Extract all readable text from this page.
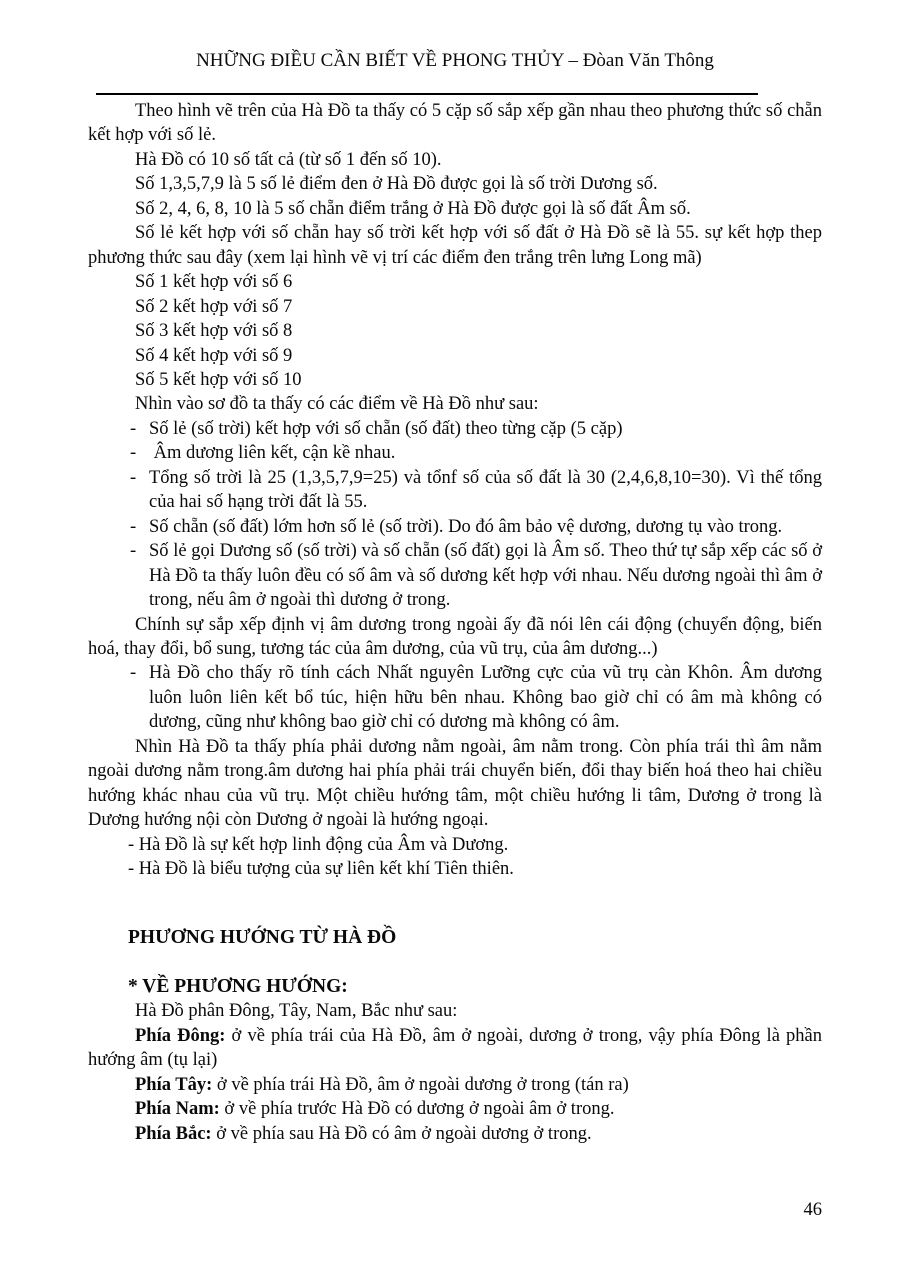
NHỮNG ĐIỀU CẦN BIẾT VỀ PHONG THỦY – Đòan Văn Thông
Theo hình vẽ trên của Hà Đồ ta thấy có 5 cặp số sắp xếp gần nhau theo phương thức số chẵn kết hợp với số lẻ.
Hà Đồ có 10 số tất cả (từ số 1 đến số 10).
Số 1,3,5,7,9 là 5 số lẻ điểm đen ở Hà Đồ được gọi là số trời Dương số.
Số 2, 4, 6, 8, 10 là 5 số chẵn điểm trắng ở Hà Đồ được gọi là số đất Âm số.
Số lẻ kết hợp với số chẵn hay số trời kết hợp với số đất ở Hà Đồ sẽ là 55. sự kết hợp thep phương thức sau đây (xem lại hình vẽ vị trí các điểm đen trắng trên lưng Long mã)
Số 1 kết hợp với số 6
Số 2 kết hợp với số 7
Số 3 kết hợp với số 8
Số 4 kết hợp với số 9
Số 5 kết hợp với số 10
Nhìn vào sơ đồ ta thấy có các điểm về Hà Đồ như sau:
- Số lẻ (số trời) kết hợp với số chẵn (số đất) theo từng cặp (5 cặp)
- Âm dương liên kết, cận kề nhau.
- Tổng số trời là 25 (1,3,5,7,9=25) và tổnf số của số đất là 30 (2,4,6,8,10=30). Vì thế tổng của hai số hạng trời đất là 55.
- Số chẵn (số đất) lớm hơn số lẻ (số trời). Do đó âm bảo vệ dương, dương tụ vào trong.
- Số lẻ gọi Dương số (số trời) và số chẵn (số đất) gọi là Âm số. Theo thứ tự sắp xếp các số ở Hà Đồ ta thấy luôn đều có số âm và số dương kết hợp với nhau. Nếu dương ngoài thì âm ở trong, nếu âm ở ngoài thì dương ở trong.
Chính sự sắp xếp định vị âm dương trong ngoài ấy đã nói lên cái động (chuyển động, biến hoá, thay đổi, bổ sung, tương tác của âm dương, của vũ trụ, của âm dương...)
- Hà Đồ cho thấy rõ tính cách Nhất nguyên Lưỡng cực của vũ trụ càn Khôn. Âm dương luôn luôn liên kết bổ túc, hiện hữu bên nhau. Không bao giờ chỉ có âm mà không có dương, cũng như không bao giờ chỉ có dương mà không có âm.
Nhìn Hà Đồ ta thấy phía phải dương nằm ngoài, âm nằm trong. Còn phía trái thì âm nằm ngoài dương nằm trong.âm dương hai phía phải trái chuyển biến, đổi thay biến hoá theo hai chiều hướng khác nhau của vũ trụ. Một chiều hướng tâm, một chiều hướng li tâm, Dương ở trong là Dương hướng nội còn Dương ở ngoài là hướng ngoại.
- Hà Đồ là sự kết hợp linh động của Âm và Dương.
- Hà Đồ là biểu tượng của sự liên kết khí Tiên thiên.
PHƯƠNG HƯỚNG TỪ HÀ ĐỒ
* VỀ PHƯƠNG HƯỚNG:
Hà Đồ phân Đông, Tây, Nam, Bắc như sau:
Phía Đông: ở về phía trái của Hà Đồ, âm ở ngoài, dương ở trong, vậy phía Đông là phần hướng âm (tụ lại)
Phía Tây: ở về phía trái Hà Đồ, âm ở ngoài dương ở trong (tán ra)
Phía Nam: ở về phía trước Hà Đồ có dương ở ngoài âm ở trong.
Phía Bắc: ở về phía sau Hà Đồ có âm ở ngoài dương ở trong.
46
